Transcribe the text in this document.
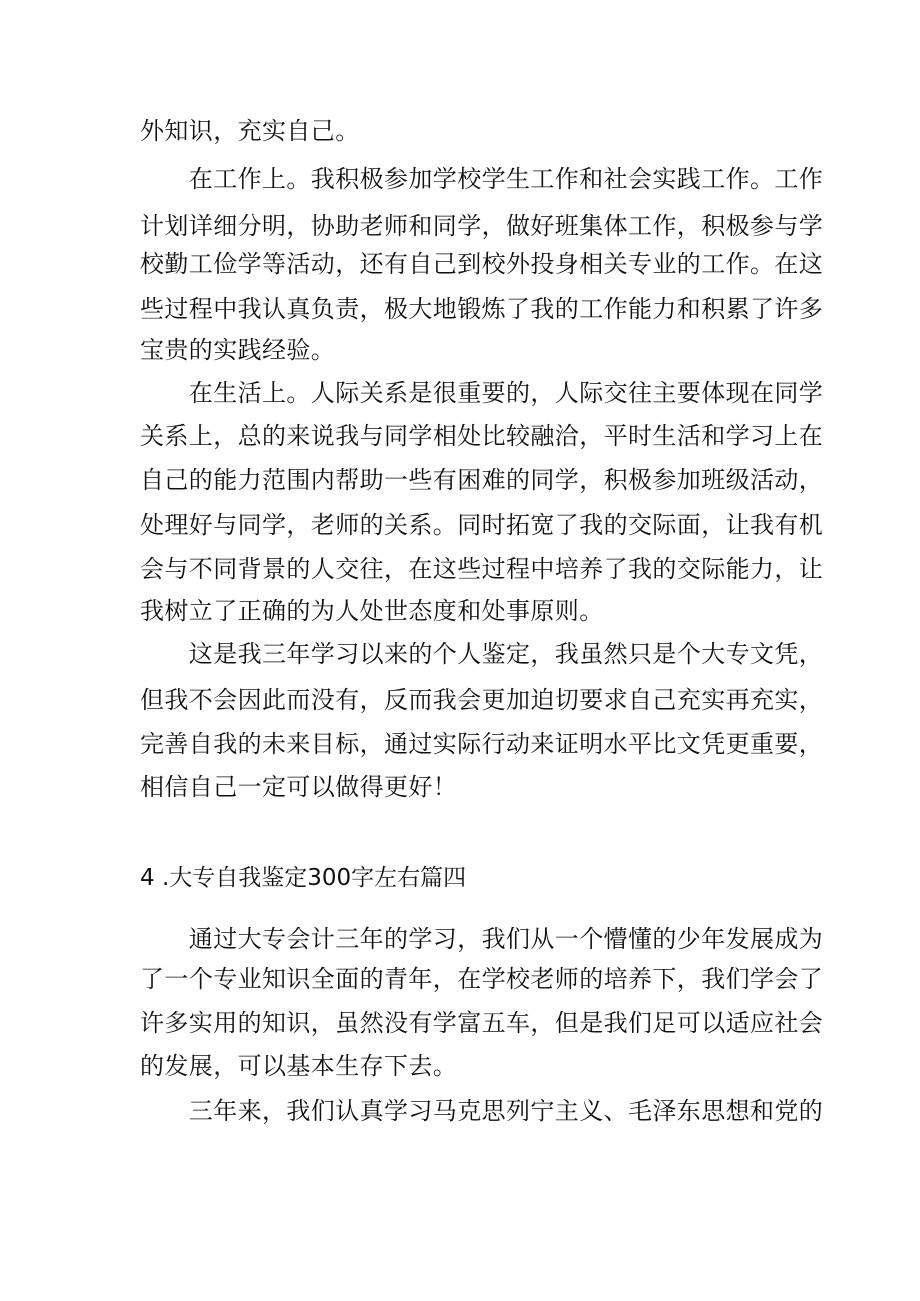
外知识，充实自己。
　　在工作上。我积极参加学校学生工作和社会实践工作。工作
计划详细分明，协助老师和同学，做好班集体工作，积极参与学
校勤工俭学等活动，还有自己到校外投身相关专业的工作。在这
些过程中我认真负责，极大地锻炼了我的工作能力和积累了许多
宝贵的实践经验。
　　在生活上。人际关系是很重要的，人际交往主要体现在同学
关系上，总的来说我与同学相处比较融洽，平时生活和学习上在
自己的能力范围内帮助一些有困难的同学，积极参加班级活动，
处理好与同学，老师的关系。同时拓宽了我的交际面，让我有机
会与不同背景的人交往，在这些过程中培养了我的交际能力，让
我树立了正确的为人处世态度和处事原则。
　　这是我三年学习以来的个人鉴定，我虽然只是个大专文凭，
但我不会因此而没有，反而我会更加迫切要求自己充实再充实，
完善自我的未来目标，通过实际行动来证明水平比文凭更重要，
相信自己一定可以做得更好！
4 .大专自我鉴定300字左右篇四
　　通过大专会计三年的学习，我们从一个懵懂的少年发展成为
了一个专业知识全面的青年，在学校老师的培养下，我们学会了
许多实用的知识，虽然没有学富五车，但是我们足可以适应社会
的发展，可以基本生存下去。
　　三年来，我们认真学习马克思列宁主义、毛泽东思想和党的
